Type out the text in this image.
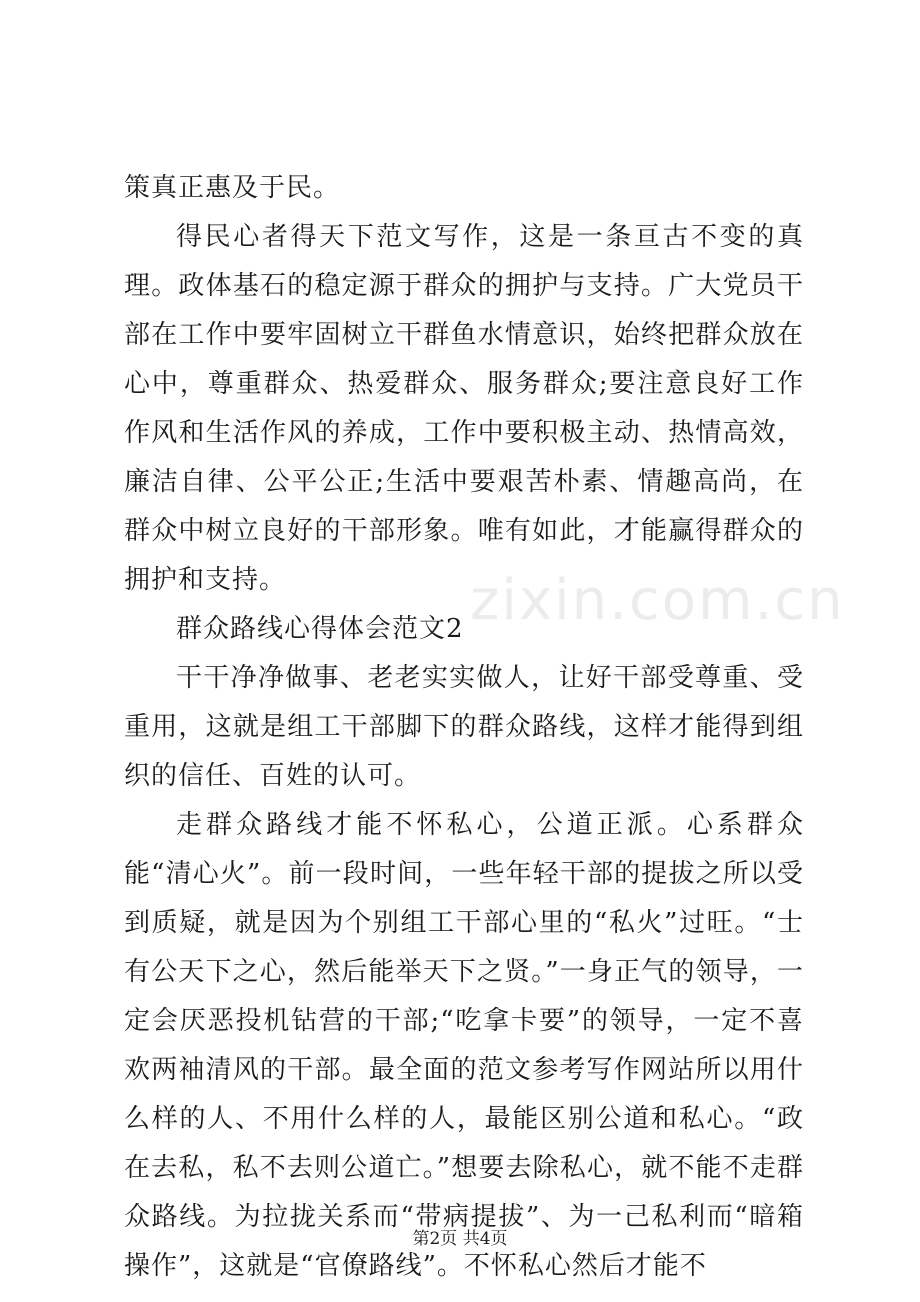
策真正惠及于民。

得民心者得天下范文写作，这是一条亘古不变的真理。政体基石的稳定源于群众的拥护与支持。广大党员干部在工作中要牢固树立干群鱼水情意识，始终把群众放在心中，尊重群众、热爱群众、服务群众;要注意良好工作作风和生活作风的养成，工作中要积极主动、热情高效，廉洁自律、公平公正;生活中要艰苦朴素、情趣高尚，在群众中树立良好的干部形象。唯有如此，才能赢得群众的拥护和支持。

群众路线心得体会范文2

干干净净做事、老老实实做人，让好干部受尊重、受重用，这就是组工干部脚下的群众路线，这样才能得到组织的信任、百姓的认可。

走群众路线才能不怀私心，公道正派。心系群众能“清心火”。前一段时间，一些年轻干部的提拔之所以受到质疑，就是因为个别组工干部心里的“私火”过旺。“士有公天下之心，然后能举天下之贤。”一身正气的领导，一定会厌恶投机钻营的干部;“吃拿卡要”的领导，一定不喜欢两袖清风的干部。最全面的范文参考写作网站所以用什么样的人、不用什么样的人，最能区别公道和私心。“政在去私，私不去则公道亡。”想要去除私心，就不能不走群众路线。为拉拢关系而“带病提拔”、为一己私利而“暗箱操作”，这就是“官僚路线”。不怀私心然后才能不

zixin.com.cn
第2页 共4页
